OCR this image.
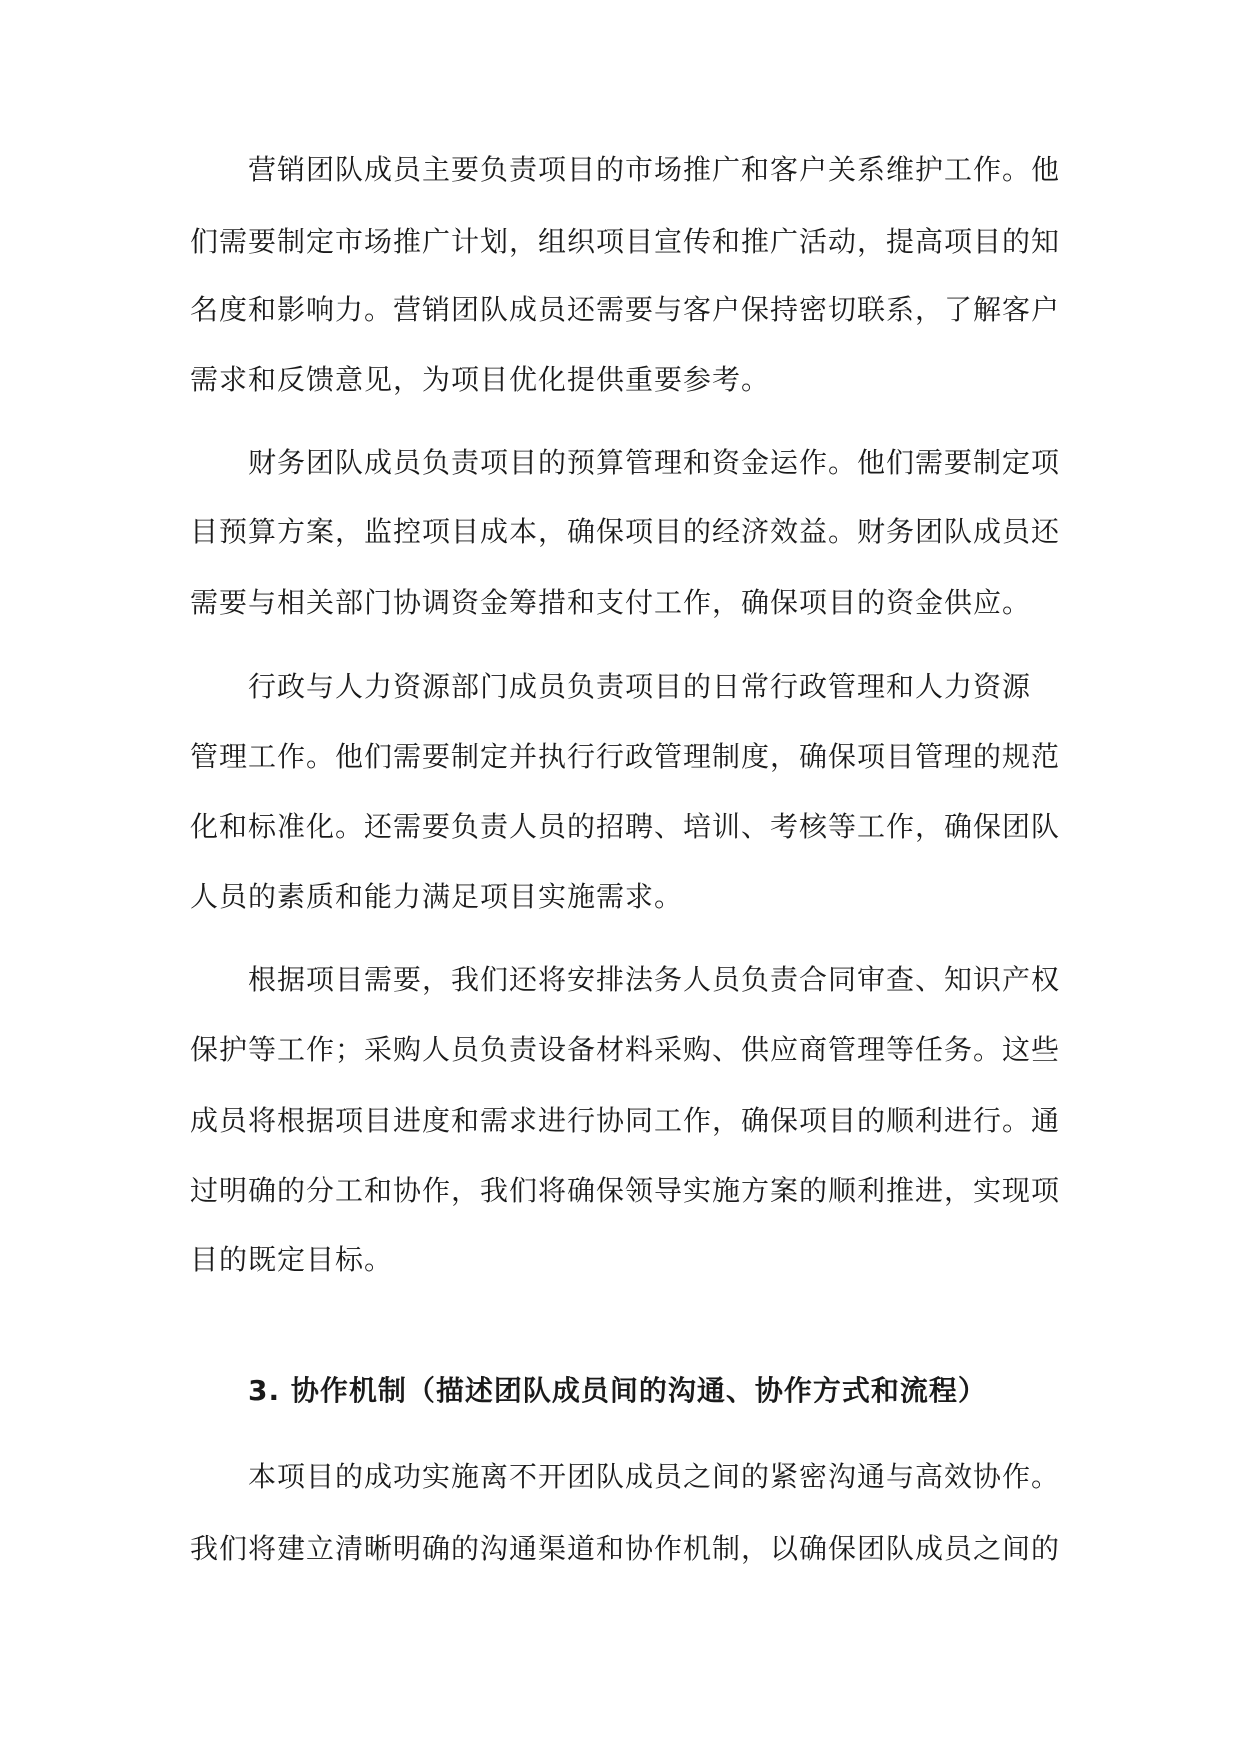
营销团队成员主要负责项目的市场推广和客户关系维护工作。他
们需要制定市场推广计划，组织项目宣传和推广活动，提高项目的知
名度和影响力。营销团队成员还需要与客户保持密切联系，了解客户
需求和反馈意见，为项目优化提供重要参考。
财务团队成员负责项目的预算管理和资金运作。他们需要制定项
目预算方案，监控项目成本，确保项目的经济效益。财务团队成员还
需要与相关部门协调资金筹措和支付工作，确保项目的资金供应。
行政与人力资源部门成员负责项目的日常行政管理和人力资源
管理工作。他们需要制定并执行行政管理制度，确保项目管理的规范
化和标准化。还需要负责人员的招聘、培训、考核等工作，确保团队
人员的素质和能力满足项目实施需求。
根据项目需要，我们还将安排法务人员负责合同审查、知识产权
保护等工作；采购人员负责设备材料采购、供应商管理等任务。这些
成员将根据项目进度和需求进行协同工作，确保项目的顺利进行。通
过明确的分工和协作，我们将确保领导实施方案的顺利推进，实现项
目的既定目标。
3. 协作机制（描述团队成员间的沟通、协作方式和流程）
本项目的成功实施离不开团队成员之间的紧密沟通与高效协作。
我们将建立清晰明确的沟通渠道和协作机制，以确保团队成员之间的
